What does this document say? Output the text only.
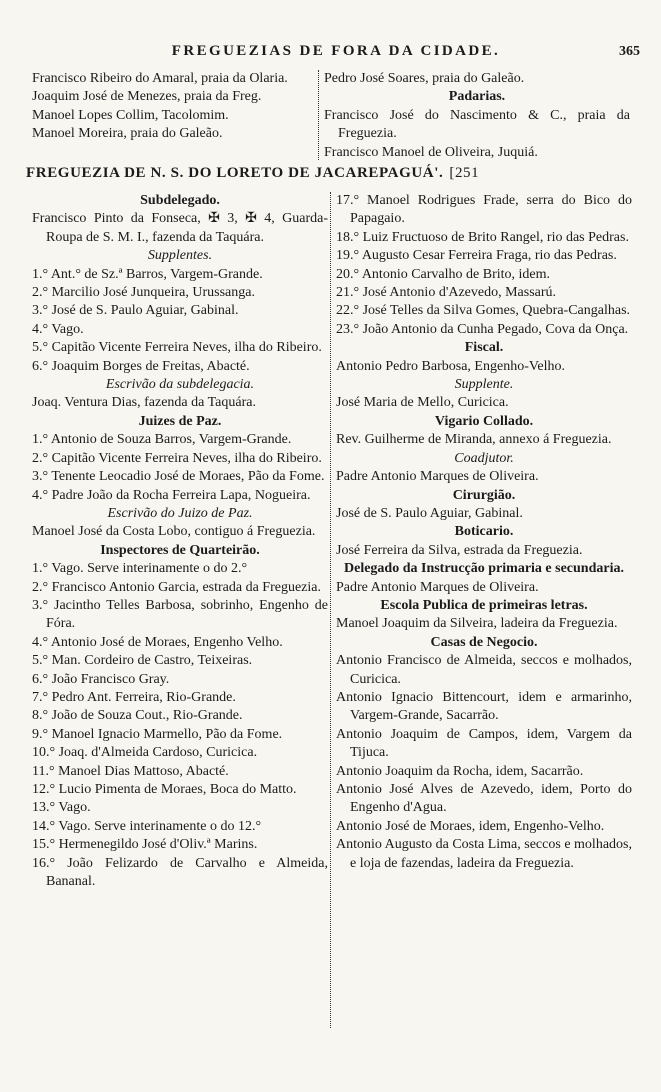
FREGUEZIAS DE FORA DA CIDADE.	365

Francisco Ribeiro do Amaral, praia da Olaria.

Joaquim José de Menezes, praia da Freg.

Manoel Lopes Collim, Tacolomim.

Manoel Moreira, praia do Galeão.

Pedro José Soares, praia do Galeão.

Padarias.

Francisco José do Nascimento & C., praia da Freguezia.

Francisco Manoel de Oliveira, Juquiá.

FREGUEZIA DE N. S. DO LORETO DE JACAREPAGUÁ'. [251

Subdelegado.

Francisco Pinto da Fonseca, ✠ 3, ✠ 4, Guarda-Roupa de S. M. I., fazenda da Taquára.

Supplentes.

1.° Ant.° de Sz.ª Barros, Vargem-Grande.

2.° Marcilio José Junqueira, Urussanga.

3.° José de S. Paulo Aguiar, Gabinal.

4.° Vago.

5.° Capitão Vicente Ferreira Neves, ilha do Ribeiro.

6.° Joaquim Borges de Freitas, Abacté.

Escrivão da subdelegacia.

Joaq. Ventura Dias, fazenda da Taquára.

Juizes de Paz.

1.° Antonio de Souza Barros, Vargem-Grande.

2.° Capitão Vicente Ferreira Neves, ilha do Ribeiro.

3.° Tenente Leocadio José de Moraes, Pão da Fome.

4.° Padre João da Rocha Ferreira Lapa, Nogueira.

Escrivão do Juizo de Paz.

Manoel José da Costa Lobo, contiguo á Freguezia.

Inspectores de Quarteirão.

1.° Vago. Serve interinamente o do 2.°

2.° Francisco Antonio Garcia, estrada da Freguezia.

3.° Jacintho Telles Barbosa, sobrinho, Engenho de Fóra.

4.° Antonio José de Moraes, Engenho Velho.

5.° Man. Cordeiro de Castro, Teixeiras.

6.° João Francisco Gray.

7.° Pedro Ant. Ferreira, Rio-Grande.

8.° João de Souza Cout., Rio-Grande.

9.° Manoel Ignacio Marmello, Pão da Fome.

10.° Joaq. d'Almeida Cardoso, Curicica.

11.° Manoel Dias Mattoso, Abacté.

12.° Lucio Pimenta de Moraes, Boca do Matto.

13.° Vago.

14.° Vago. Serve interinamente o do 12.°

15.° Hermenegildo José d'Oliv.ª Marins.

16.° João Felizardo de Carvalho e Almeida, Bananal.

17.° Manoel Rodrigues Frade, serra do Bico do Papagaio.

18.° Luiz Fructuoso de Brito Rangel, rio das Pedras.

19.° Augusto Cesar Ferreira Fraga, rio das Pedras.

20.° Antonio Carvalho de Brito, idem.

21.° José Antonio d'Azevedo, Massarú.

22.° José Telles da Silva Gomes, Quebra-Cangalhas.

23.° João Antonio da Cunha Pegado, Cova da Onça.

Fiscal.

Antonio Pedro Barbosa, Engenho-Velho.

Supplente.

José Maria de Mello, Curicica.

Vigario Collado.

Rev. Guilherme de Miranda, annexo á Freguezia.

Coadjutor.

Padre Antonio Marques de Oliveira.

Cirurgião.

José de S. Paulo Aguiar, Gabinal.

Boticario.

José Ferreira da Silva, estrada da Freguezia.

Delegado da Instrucção primaria e secundaria.

Padre Antonio Marques de Oliveira.

Escola Publica de primeiras letras.

Manoel Joaquim da Silveira, ladeira da Freguezia.

Casas de Negocio.

Antonio Francisco de Almeida, seccos e molhados, Curicica.

Antonio Ignacio Bittencourt, idem e armarinho, Vargem-Grande, Sacarrão.

Antonio Joaquim de Campos, idem, Vargem da Tijuca.

Antonio Joaquim da Rocha, idem, Sacarrão.

Antonio José Alves de Azevedo, idem, Porto do Engenho d'Agua.

Antonio José de Moraes, idem, Engenho-Velho.

Antonio Augusto da Costa Lima, seccos e molhados, e loja de fazendas, ladeira da Freguezia.
